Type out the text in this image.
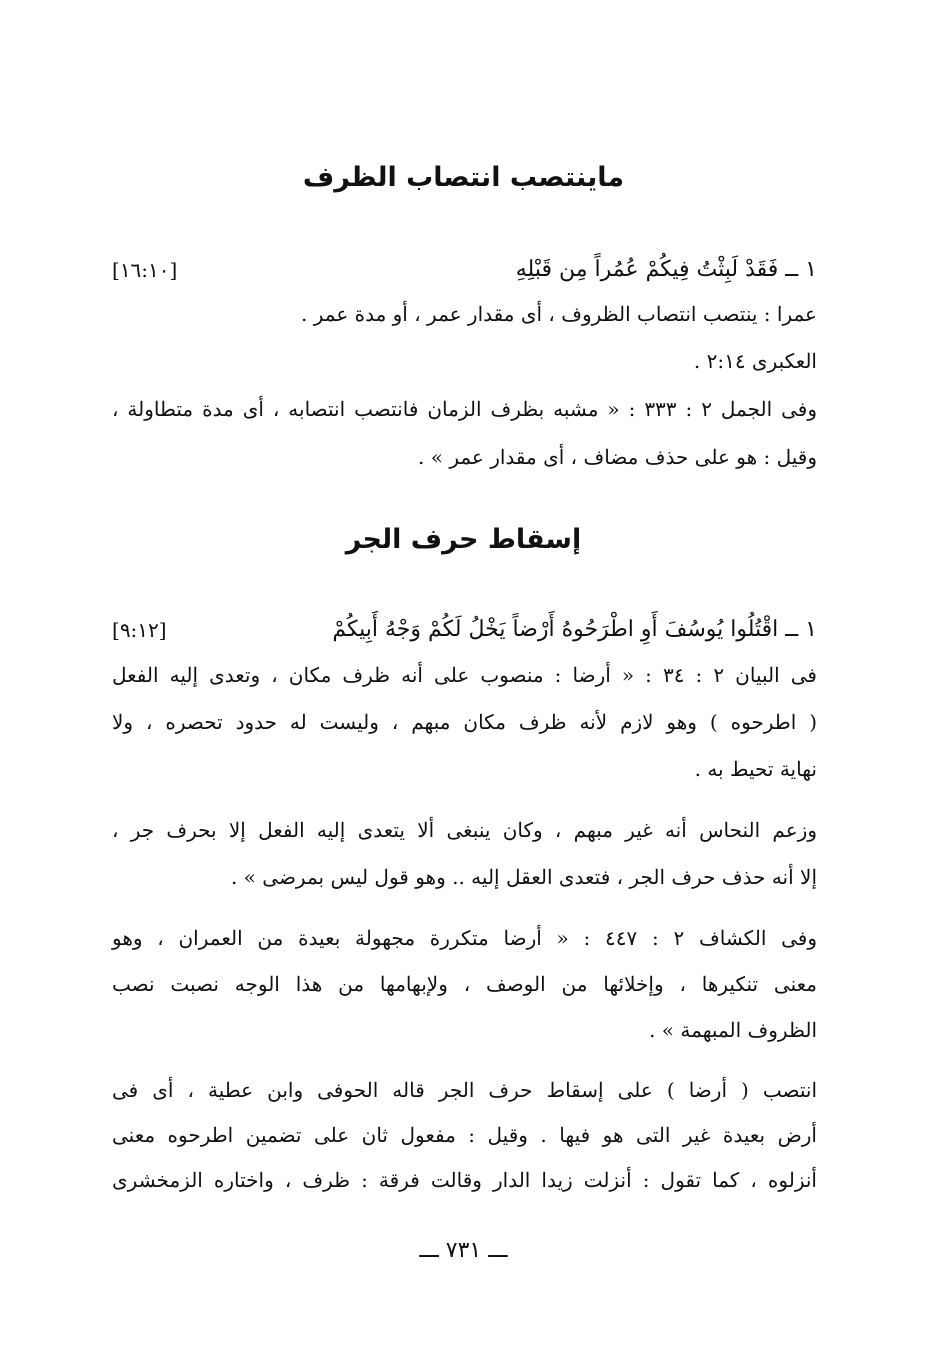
ماينتصب انتصاب الظرف
١ ــ فَقَدْ لَبِثْتُ فِيكُمْ عُمُراً مِن قَبْلِهِ
[١٦:١٠]
عمرا : ينتصب انتصاب الظروف ، أى مقدار عمر ، أو مدة عمر .
العكبرى ٢:١٤ .
وفى الجمل ٢ : ٣٣٣ : « مشبه بظرف الزمان فانتصب انتصابه ، أى مدة متطاولة ،
وقيل : هو على حذف مضاف ، أى مقدار عمر » .
إسقاط حرف الجر
١ ــ اقْتُلُوا يُوسُفَ أَوِ اطْرَحُوهُ أَرْضاً يَخْلُ لَكُمْ وَجْهُ أَبِيكُمْ
[٩:١٢]
فى البيان ٢ : ٣٤ : « أرضا : منصوب على أنه ظرف مكان ، وتعدى إليه الفعل
( اطرحوه ) وهو لازم لأنه ظرف مكان مبهم ، وليست له حدود تحصره ، ولا
نهاية تحيط به .
وزعم النحاس أنه غير مبهم ، وكان ينبغى ألا يتعدى إليه الفعل إلا بحرف جر ،
إلا أنه حذف حرف الجر ، فتعدى العقل إليه .. وهو قول ليس بمرضى » .
وفى الكشاف ٢ : ٤٤٧ : « أرضا متكررة مجهولة بعيدة من العمران ، وهو
معنى تنكيرها ، وإخلائها من الوصف ، ولإبهامها من هذا الوجه نصبت نصب
الظروف المبهمة » .
انتصب ( أرضا ) على إسقاط حرف الجر قاله الحوفى وابن عطية ، أى فى
أرض بعيدة غير التى هو فيها . وقيل : مفعول ثان على تضمين اطرحوه معنى
أنزلوه ، كما تقول : أنزلت زيدا الدار وقالت فرقة : ظرف ، واختاره الزمخشرى
ـــ ٧٣١ ـــ
